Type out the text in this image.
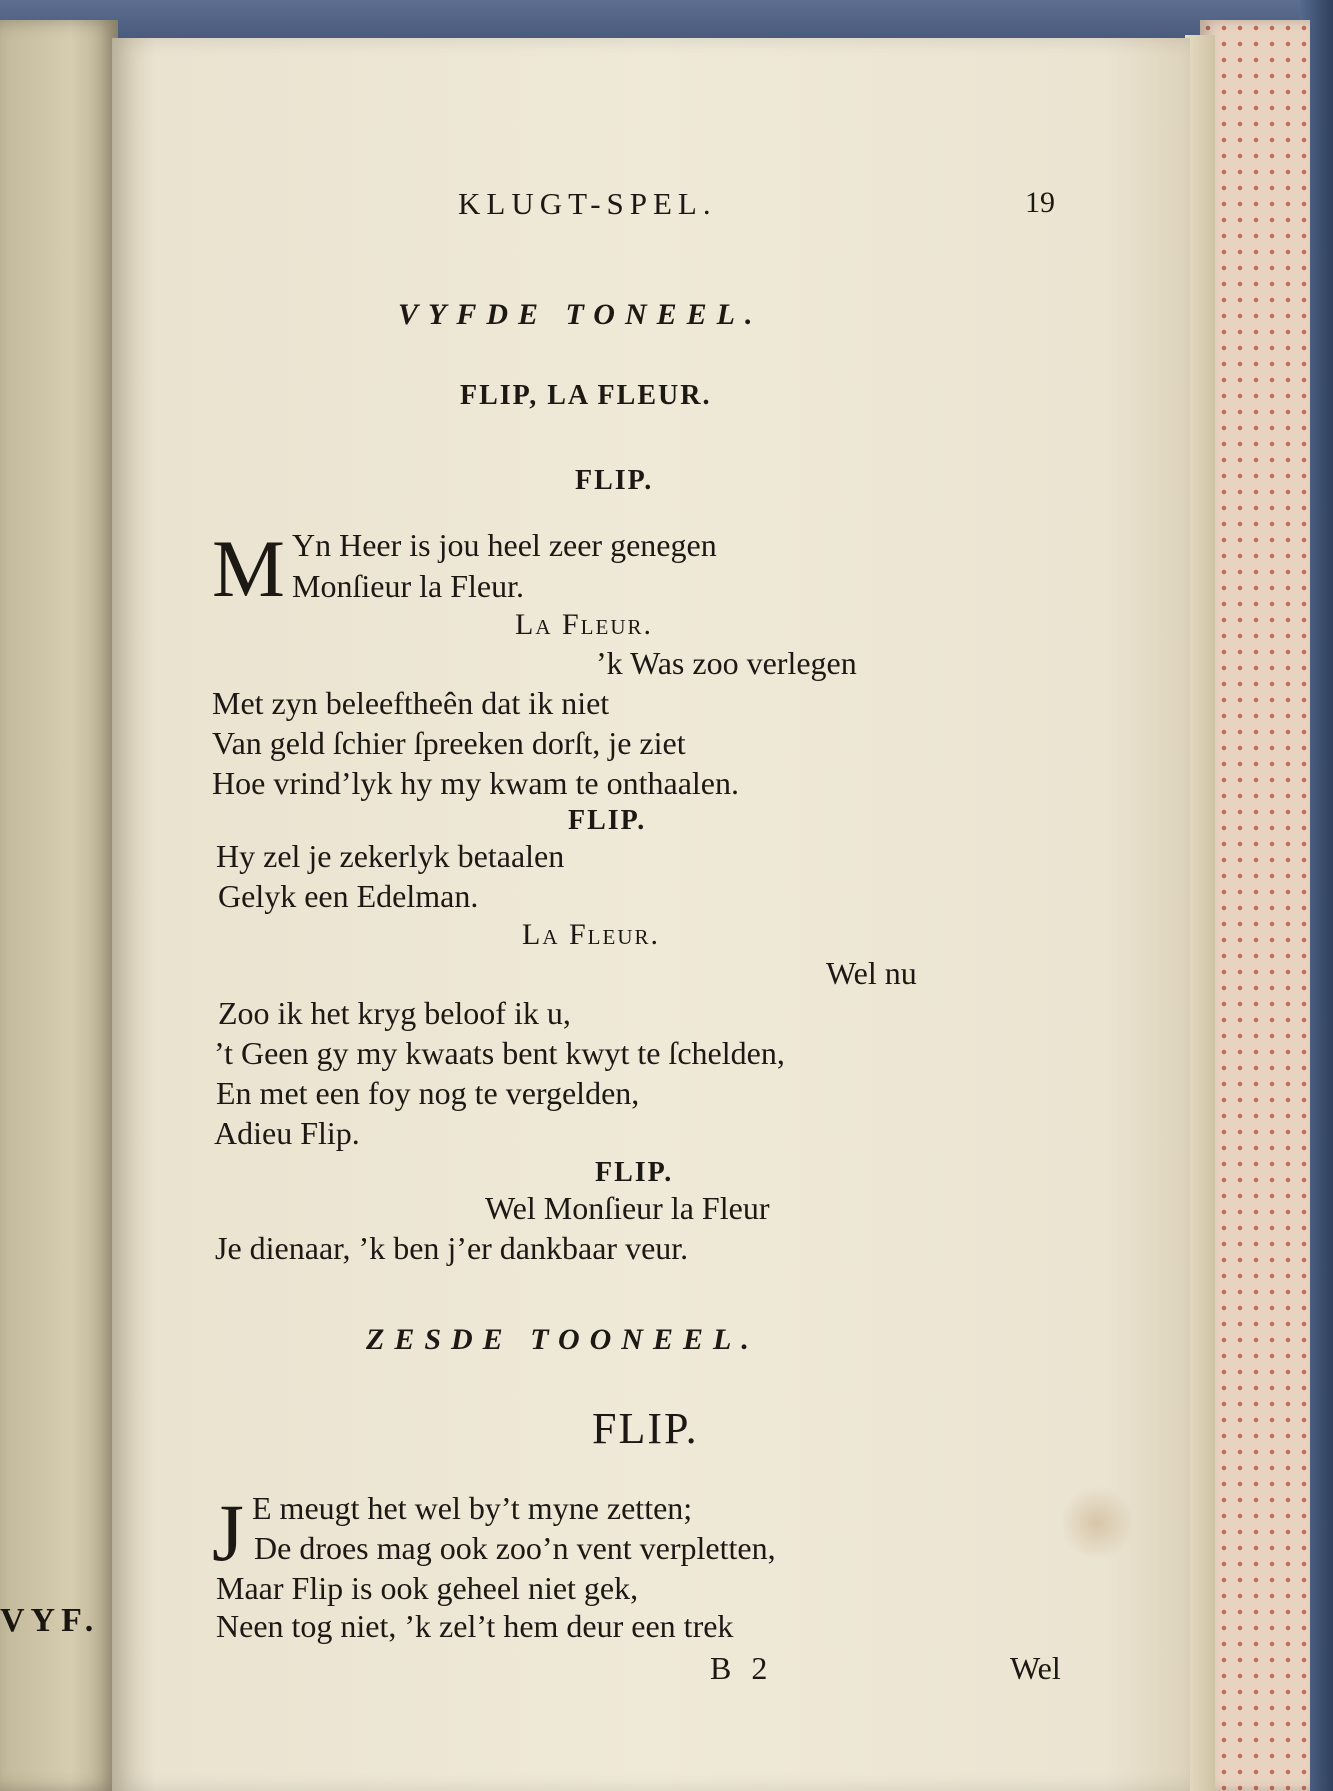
VYF.
KLUGT-SPEL.	19
VYFDE TONEEL.
FLIP, LA FLEUR.
FLIP.
M Yn Heer is jou heel zeer genegen
Monſieur la Fleur.
La Fleur.
’k Was zoo verlegen
Met zyn beleeftheên dat ik niet
Van geld ſchier ſpreeken dorſt, je ziet
Hoe vrind’lyk hy my kwam te onthaalen.
FLIP.
Hy zel je zekerlyk betaalen
Gelyk een Edelman.
La Fleur.
Wel nu
Zoo ik het kryg beloof ik u,
’t Geen gy my kwaats bent kwyt te ſchelden,
En met een foy nog te vergelden,
Adieu Flip.
FLIP.
Wel Monſieur la Fleur
Je dienaar, ’k ben j’er dankbaar veur.
ZESDE TOONEEL.
FLIP.
J E meugt het wel by’t myne zetten;
De droes mag ook zoo’n vent verpletten,
Maar Flip is ook geheel niet gek,
Neen tog niet, ’k zel’t hem deur een trek
B 2	Wel
